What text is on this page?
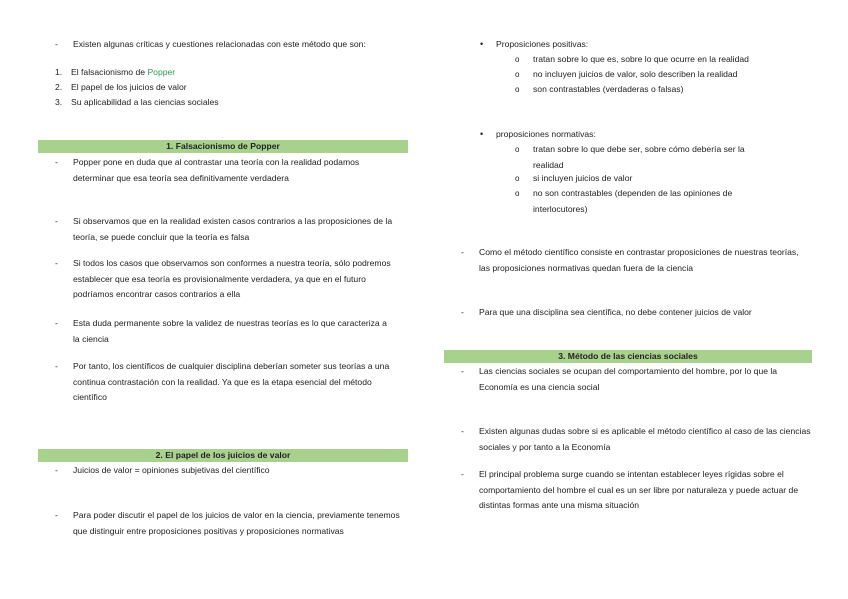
- Existen algunas críticas y cuestiones relacionadas con este método que son:
1. El falsacionismo de Popper
2. El papel de los juicios de valor
3. Su aplicabilidad a las ciencias sociales
1. Falsacionismo de Popper
- Popper pone en duda que al contrastar una teoría con la realidad podamos determinar que esa teoría sea definitivamente verdadera
- Si observamos que en la realidad existen casos contrarios a las proposiciones de la teoría, se puede concluir que la teoría es falsa
- Si todos los casos que observamos son conformes a nuestra teoría, sólo podremos establecer que esa teoría es provisionalmente verdadera, ya que en el futuro podríamos encontrar casos contrarios a ella
- Esta duda permanente sobre la validez de nuestras teorías es lo que caracteriza a la ciencia
- Por tanto, los científicos de cualquier disciplina deberían someter sus teorías a una continua contrastación con la realidad. Ya que es la etapa esencial del método científico
2. El papel de los juicios de valor
- Juicios de valor = opiniones subjetivas del científico
- Para poder discutir el papel de los juicios de valor en la ciencia, previamente tenemos que distinguir entre proposiciones positivas y proposiciones normativas
• Proposiciones positivas:
o tratan sobre lo que es, sobre lo que ocurre en la realidad
o no incluyen juicios de valor, solo describen la realidad
o son contrastables (verdaderas o falsas)
• proposiciones normativas:
o tratan sobre lo que debe ser, sobre cómo debería ser la realidad
o si incluyen juicios de valor
o no son contrastables (dependen de las opiniones de interlocutores)
- Como el método científico consiste en contrastar proposiciones de nuestras teorías, las proposiciones normativas quedan fuera de la ciencia
- Para que una disciplina sea científica, no debe contener juicios de valor
3. Método de las ciencias sociales
- Las ciencias sociales se ocupan del comportamiento del hombre, por lo que la Economía es una ciencia social
- Existen algunas dudas sobre si es aplicable el método científico al caso de las ciencias sociales y por tanto a la Economía
- El principal problema surge cuando se intentan establecer leyes rígidas sobre el comportamiento del hombre el cual es un ser libre por naturaleza y puede actuar de distintas formas ante una misma situación
